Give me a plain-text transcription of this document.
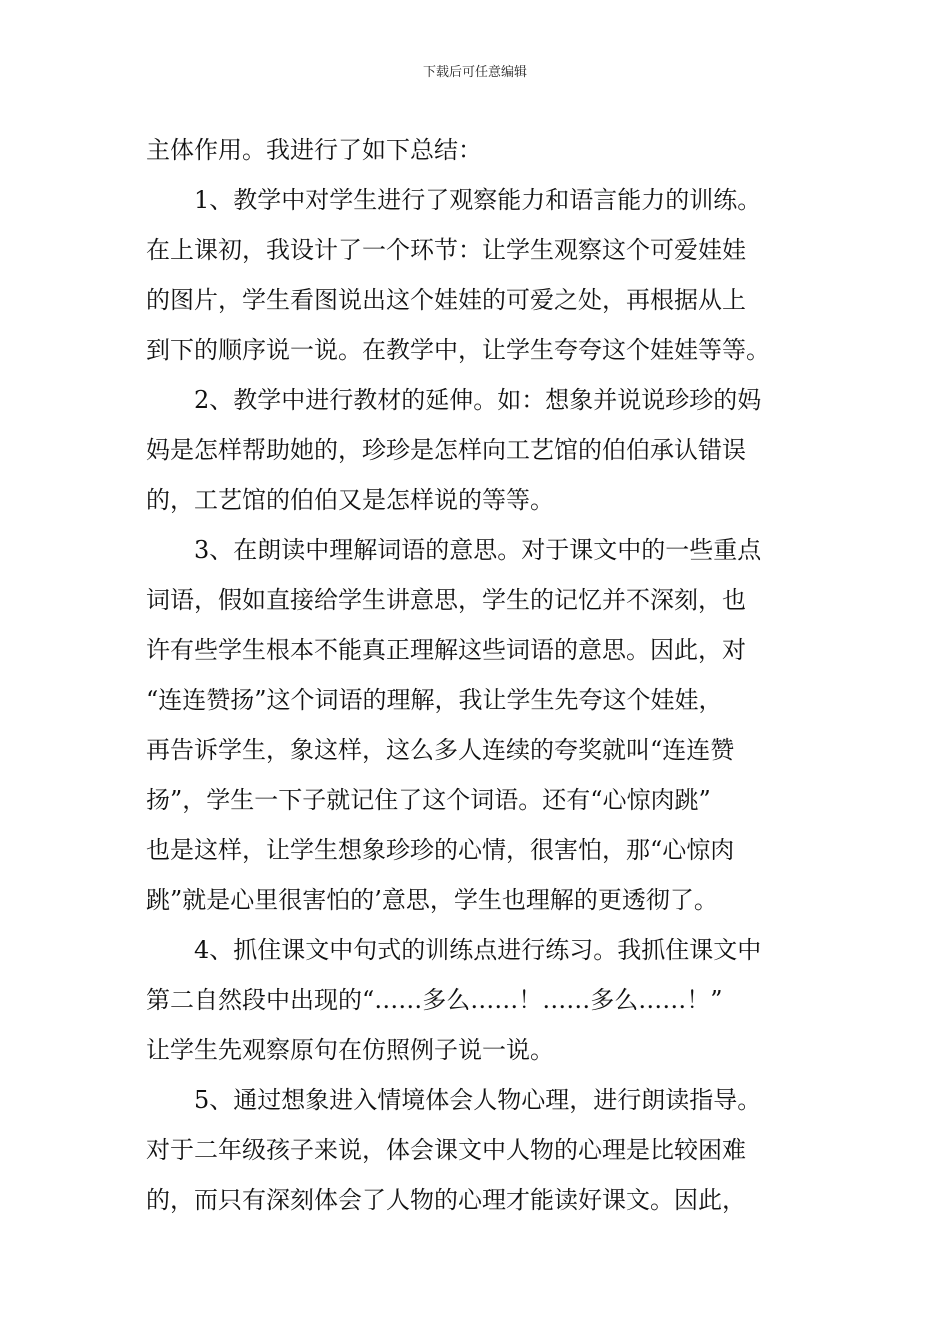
下载后可任意编辑
主体作用。我进行了如下总结：
1、教学中对学生进行了观察能力和语言能力的训练。
在上课初，我设计了一个环节：让学生观察这个可爱娃娃
的图片，学生看图说出这个娃娃的可爱之处，再根据从上
到下的顺序说一说。在教学中，让学生夸夸这个娃娃等等。
2、教学中进行教材的延伸。如：想象并说说珍珍的妈
妈是怎样帮助她的，珍珍是怎样向工艺馆的伯伯承认错误
的，工艺馆的伯伯又是怎样说的等等。
3、在朗读中理解词语的意思。对于课文中的一些重点
词语，假如直接给学生讲意思，学生的记忆并不深刻，也
许有些学生根本不能真正理解这些词语的意思。因此，对
“连连赞扬”这个词语的理解，我让学生先夸这个娃娃，
再告诉学生，象这样，这么多人连续的夸奖就叫“连连赞
扬”，学生一下子就记住了这个词语。还有“心惊肉跳”
也是这样，让学生想象珍珍的心情，很害怕，那“心惊肉
跳”就是心里很害怕的’意思，学生也理解的更透彻了。
4、抓住课文中句式的训练点进行练习。我抓住课文中
第二自然段中出现的“……多么……！……多么……！”
让学生先观察原句在仿照例子说一说。
5、通过想象进入情境体会人物心理，进行朗读指导。
对于二年级孩子来说，体会课文中人物的心理是比较困难
的，而只有深刻体会了人物的心理才能读好课文。因此，
